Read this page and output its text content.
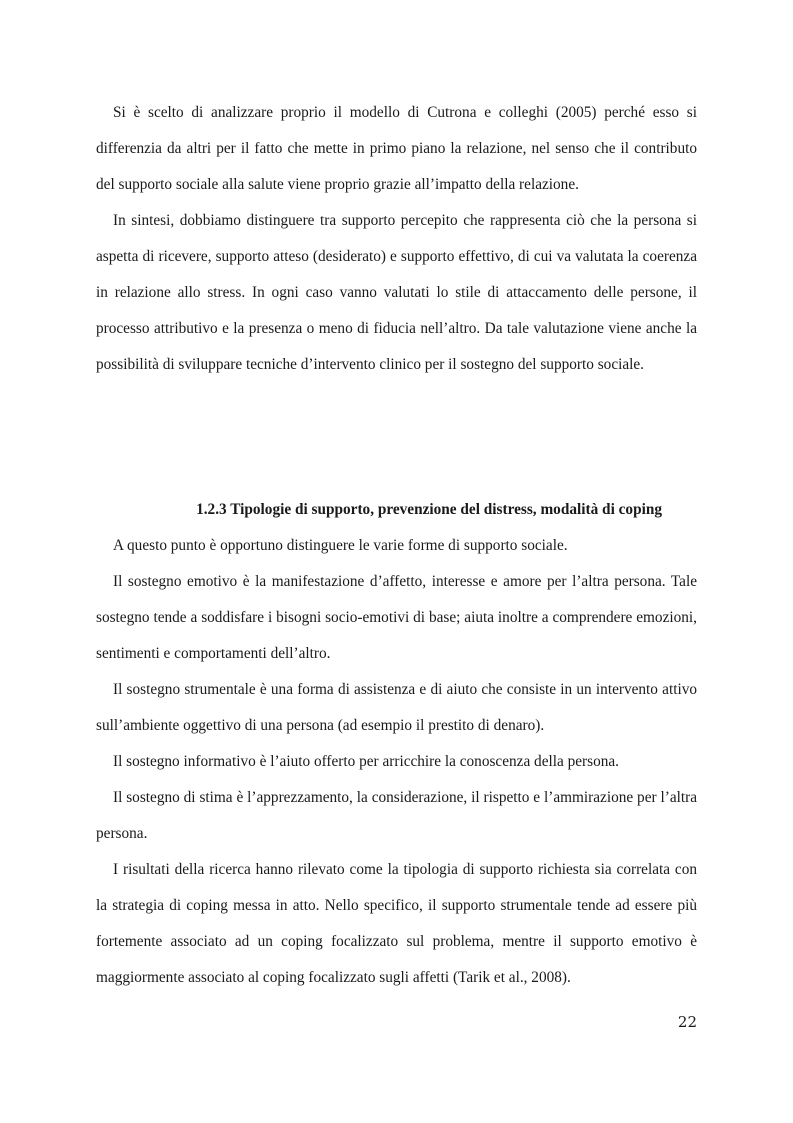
Si è scelto di analizzare proprio il modello di Cutrona e colleghi (2005) perché esso si differenzia da altri per il fatto che mette in primo piano la relazione, nel senso che il contributo del supporto sociale alla salute viene proprio grazie all’impatto della relazione.

In sintesi, dobbiamo distinguere tra supporto percepito che rappresenta ciò che la persona si aspetta di ricevere, supporto atteso (desiderato) e supporto effettivo, di cui va valutata la coerenza in relazione allo stress. In ogni caso vanno valutati lo stile di attaccamento delle persone, il processo attributivo e la presenza o meno di fiducia nell’altro. Da tale valutazione viene anche la possibilità di sviluppare tecniche d’intervento clinico per il sostegno del supporto sociale.

1.2.3 Tipologie di supporto, prevenzione del distress, modalità di coping

A questo punto è opportuno distinguere le varie forme di supporto sociale.

Il sostegno emotivo è la manifestazione d’affetto, interesse e amore per l’altra persona. Tale sostegno tende a soddisfare i bisogni socio-emotivi di base; aiuta inoltre a comprendere emozioni, sentimenti e comportamenti dell’altro.

Il sostegno strumentale è una forma di assistenza e di aiuto che consiste in un intervento attivo sull’ambiente oggettivo di una persona (ad esempio il prestito di denaro).

Il sostegno informativo è l’aiuto offerto per arricchire la conoscenza della persona.

Il sostegno di stima è l’apprezzamento, la considerazione, il rispetto e l’ammirazione per l’altra persona.

I risultati della ricerca hanno rilevato come la tipologia di supporto richiesta sia correlata con la strategia di coping messa in atto. Nello specifico, il supporto strumentale tende ad essere più fortemente associato ad un coping focalizzato sul problema, mentre il supporto emotivo è maggiormente associato al coping focalizzato sugli affetti (Tarik et al., 2008).

22
